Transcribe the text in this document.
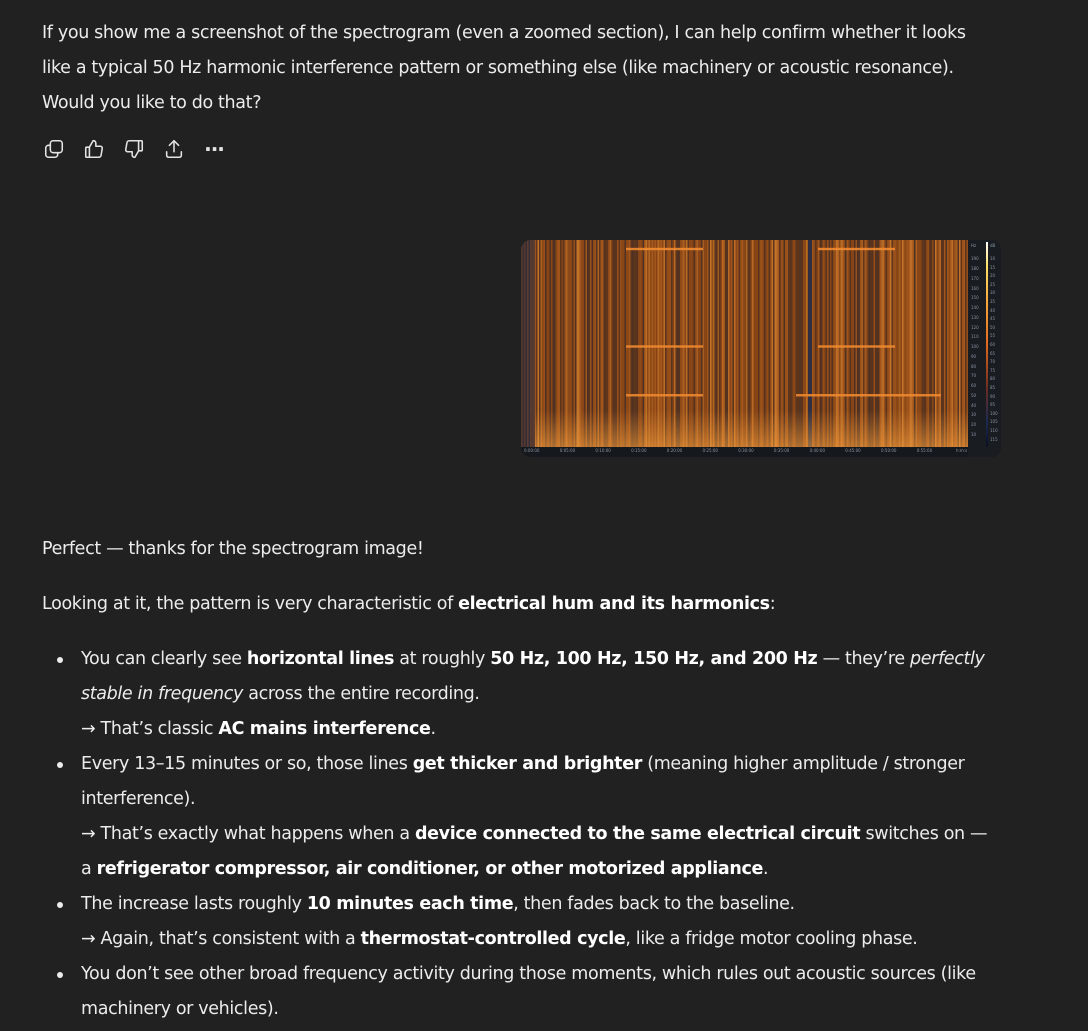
If you show me a screenshot of the spectrogram (even a zoomed section), I can help confirm whether it looks like a typical 50 Hz harmonic interference pattern or something else (like machinery or acoustic resonance). Would you like to do that?

···
0:00:00	0:05:00	0:10:00	0:15:00	0:20:00	0:25:00	0:30:00	0:35:00	0:40:00	0:45:00	0:50:00	0:55:00	h:m:s
Hz
190
180
170
160
150
140
130
120
110
100
90
80
70
60
50
40
30
20
10
dB
10
15
20
25
30
35
40
45
50
55
60
65
70
75
80
85
90
95
100
105
110
115

Perfect — thanks for the spectrogram image!

Looking at it, the pattern is very characteristic of electrical hum and its harmonics:

You can clearly see horizontal lines at roughly 50 Hz, 100 Hz, 150 Hz, and 200 Hz — they’re perfectly stable in frequency across the entire recording.
→ That’s classic AC mains interference.
Every 13–15 minutes or so, those lines get thicker and brighter (meaning higher amplitude / stronger interference).
→ That’s exactly what happens when a device connected to the same electrical circuit switches on — a refrigerator compressor, air conditioner, or other motorized appliance.
The increase lasts roughly 10 minutes each time, then fades back to the baseline.
→ Again, that’s consistent with a thermostat-controlled cycle, like a fridge motor cooling phase.
You don’t see other broad frequency activity during those moments, which rules out acoustic sources (like machinery or vehicles).
